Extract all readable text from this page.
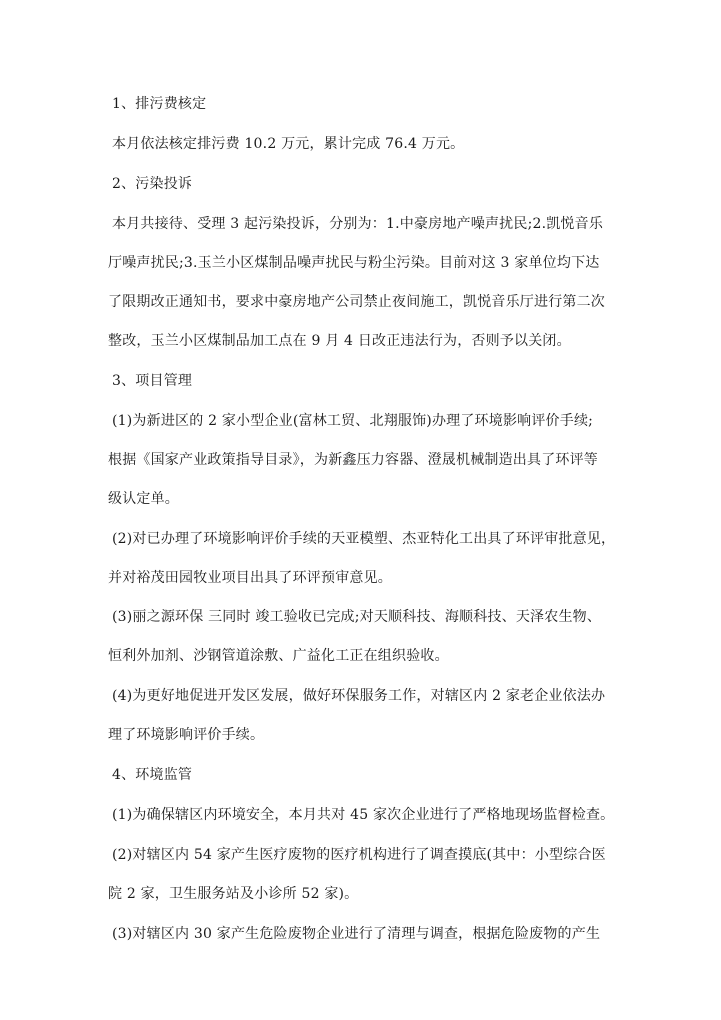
1、排污费核定
本月依法核定排污费 10.2 万元，累计完成 76.4 万元。
2、污染投诉
本月共接待、受理 3 起污染投诉，分别为：1.中豪房地产噪声扰民;2.凯悦音乐
厅噪声扰民;3.玉兰小区煤制品噪声扰民与粉尘污染。目前对这 3 家单位均下达
了限期改正通知书，要求中豪房地产公司禁止夜间施工，凯悦音乐厅进行第二次
整改，玉兰小区煤制品加工点在 9 月 4 日改正违法行为，否则予以关闭。
3、项目管理
(1)为新进区的 2 家小型企业(富林工贸、北翔服饰)办理了环境影响评价手续;
根据《国家产业政策指导目录》，为新鑫压力容器、澄晟机械制造出具了环评等
级认定单。
(2)对已办理了环境影响评价手续的天亚模塑、杰亚特化工出具了环评审批意见，
并对裕茂田园牧业项目出具了环评预审意见。
(3)丽之源环保 三同时 竣工验收已完成;对天顺科技、海顺科技、天泽农生物、
恒利外加剂、沙钢管道涂敷、广益化工正在组织验收。
(4)为更好地促进开发区发展，做好环保服务工作，对辖区内 2 家老企业依法办
理了环境影响评价手续。
4、环境监管
(1)为确保辖区内环境安全，本月共对 45 家次企业进行了严格地现场监督检查。
(2)对辖区内 54 家产生医疗废物的医疗机构进行了调查摸底(其中：小型综合医
院 2 家，卫生服务站及小诊所 52 家)。
(3)对辖区内 30 家产生危险废物企业进行了清理与调查，根据危险废物的产生
